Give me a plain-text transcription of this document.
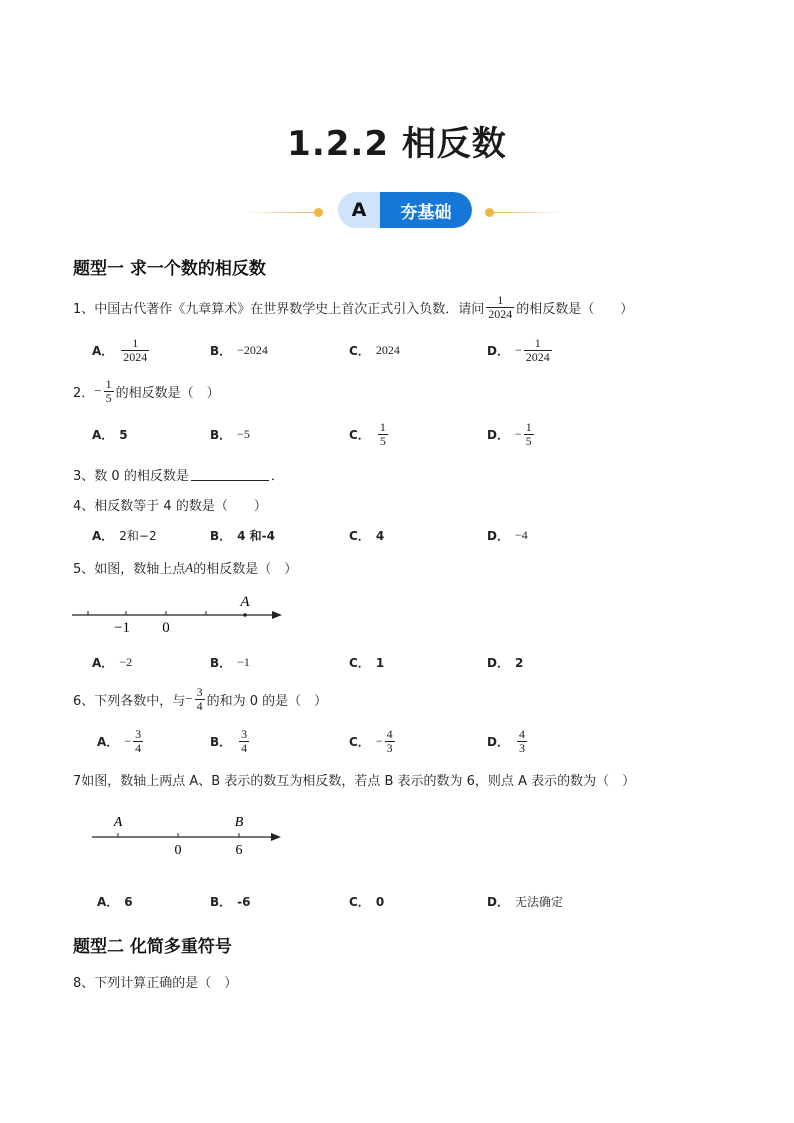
1.2.2 相反数
A	夯基础
题型一 求一个数的相反数
1、 中国古代著作《九章算术》在世界数学史上首次正式引入负数．请问 $\frac{1}{2024}$ 的相反数是（　　）
A． $\frac{1}{2024}$	B． −2024	C． 2024	D． − $\frac{1}{2024}$
2． − $\frac{1}{5}$ 的相反数是（　）
A． 5	B． −5	C． $\frac{1}{5}$	D． − $\frac{1}{5}$
3、 数 0 的相反数是	．
4、 相反数等于 4 的数是（　　）
A． 2和−2	B． 4 和-4	C． 4	D． −4
5、 如图，数轴上点 A 的相反数是（　）
−1 0
A
A． −2	B． −1	C． 1	D． 2
6、 下列各数中，与 − $\frac{3}{4}$ 的和为 0 的是（　）
A． − $\frac{3}{4}$	B． $\frac{3}{4}$	C． − $\frac{4}{3}$	D． $\frac{4}{3}$
7如图，数轴上两点 A、B 表示的数互为相反数，若点 B 表示的数为 6，则点 A 表示的数为（　）
A	B
0	6
A． 6	B． -6	C． 0	D． 无法确定
题型二 化简多重符号
8、 下列计算正确的是（　）
